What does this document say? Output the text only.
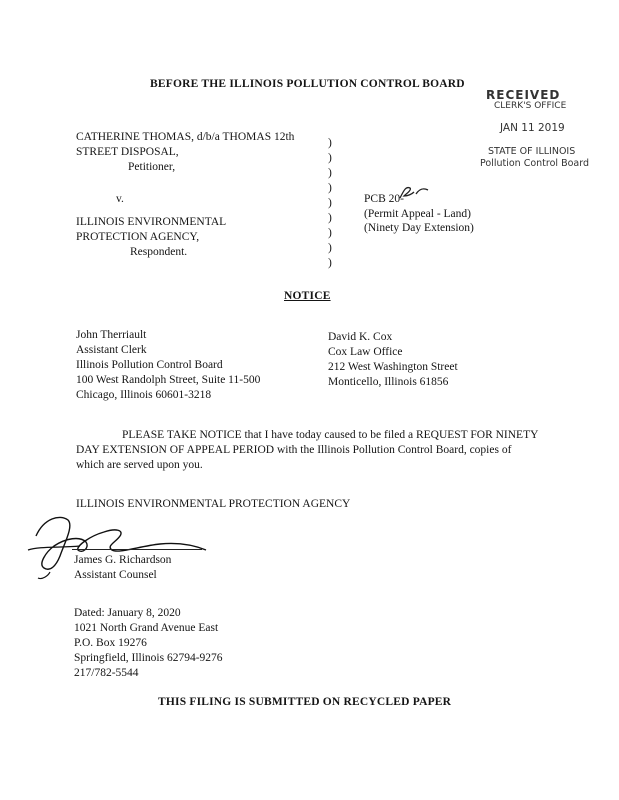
BEFORE THE ILLINOIS POLLUTION CONTROL BOARD
RECEIVED
CLERK'S OFFICE
JAN 11 2019
STATE OF ILLINOIS
Pollution Control Board
CATHERINE THOMAS, d/b/a THOMAS 12th
STREET DISPOSAL,
Petitioner,
v.
ILLINOIS ENVIRONMENTAL
PROTECTION AGENCY,
Respondent.
)
)
)
)
)
)
)
)
)
PCB 20-
(Permit Appeal - Land)
(Ninety Day Extension)
NOTICE
John Therriault
Assistant Clerk
Illinois Pollution Control Board
100 West Randolph Street, Suite 11-500
Chicago, Illinois 60601-3218
David K. Cox
Cox Law Office
212 West Washington Street
Monticello, Illinois 61856
PLEASE TAKE NOTICE that I have today caused to be filed a REQUEST FOR NINETY
DAY EXTENSION OF APPEAL PERIOD with the Illinois Pollution Control Board, copies of
which are served upon you.
ILLINOIS ENVIRONMENTAL PROTECTION AGENCY
James G. Richardson
Assistant Counsel
Dated: January 8, 2020
1021 North Grand Avenue East
P.O. Box 19276
Springfield, Illinois 62794-9276
217/782-5544
THIS FILING IS SUBMITTED ON RECYCLED PAPER
